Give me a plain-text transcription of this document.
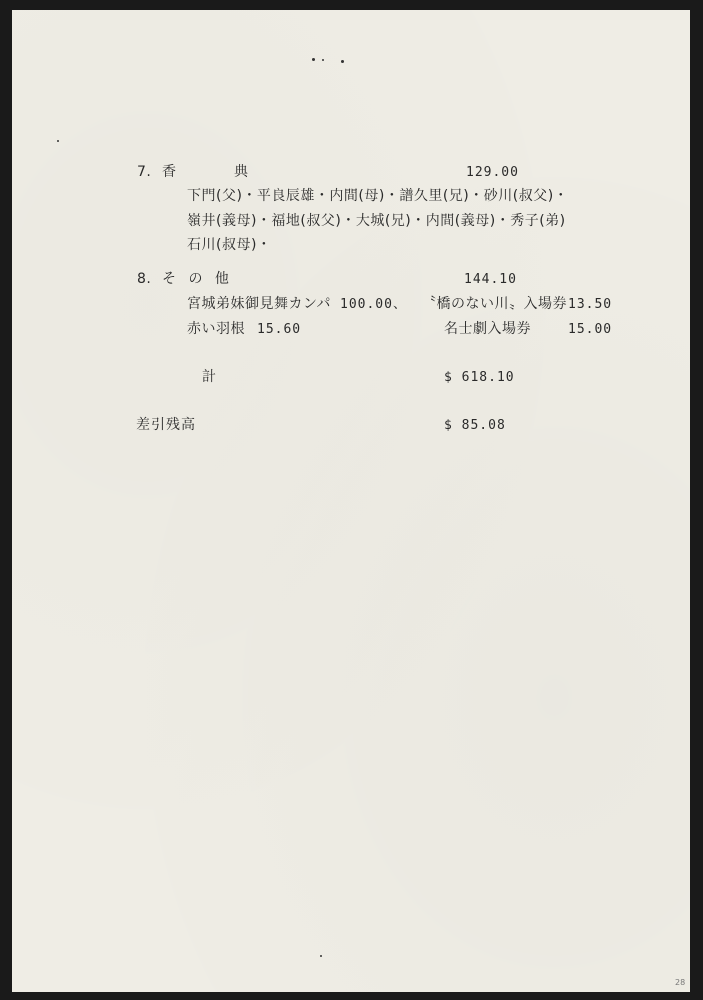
7. 香　　典	129.00
下門(父)・平良辰雄・内間(母)・譜久里(兄)・砂川(叔父)・
嶺井(義母)・福地(叔父)・大城(兄)・内間(義母)・秀子(弟)
石川(叔母)・
8. そ の 他	144.10
宮城弟妹御見舞カンパ 100.00、 〝橋のない川〟入場券 13.50
赤い羽根 15.60	名士劇入場券	15.00
計	$ 618.10
差引残高	$ 85.08
28
